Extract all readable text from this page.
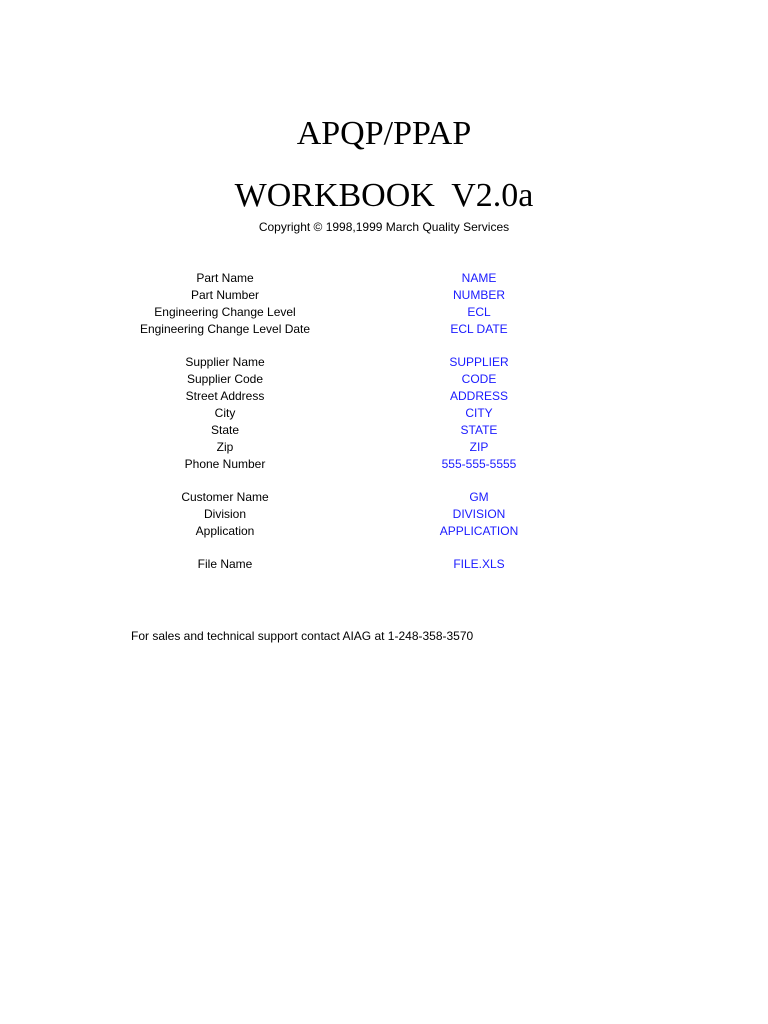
APQP/PPAP
WORKBOOK  V2.0a
Copyright © 1998,1999 March Quality Services
Part Name	NAME
Part Number	NUMBER
Engineering Change Level	ECL
Engineering Change Level Date	ECL DATE
Supplier Name	SUPPLIER
Supplier Code	CODE
Street Address	ADDRESS
City	CITY
State	STATE
Zip	ZIP
Phone Number	555-555-5555
Customer Name	GM
Division	DIVISION
Application	APPLICATION
File Name	FILE.XLS
For sales and technical support contact AIAG at 1-248-358-3570
